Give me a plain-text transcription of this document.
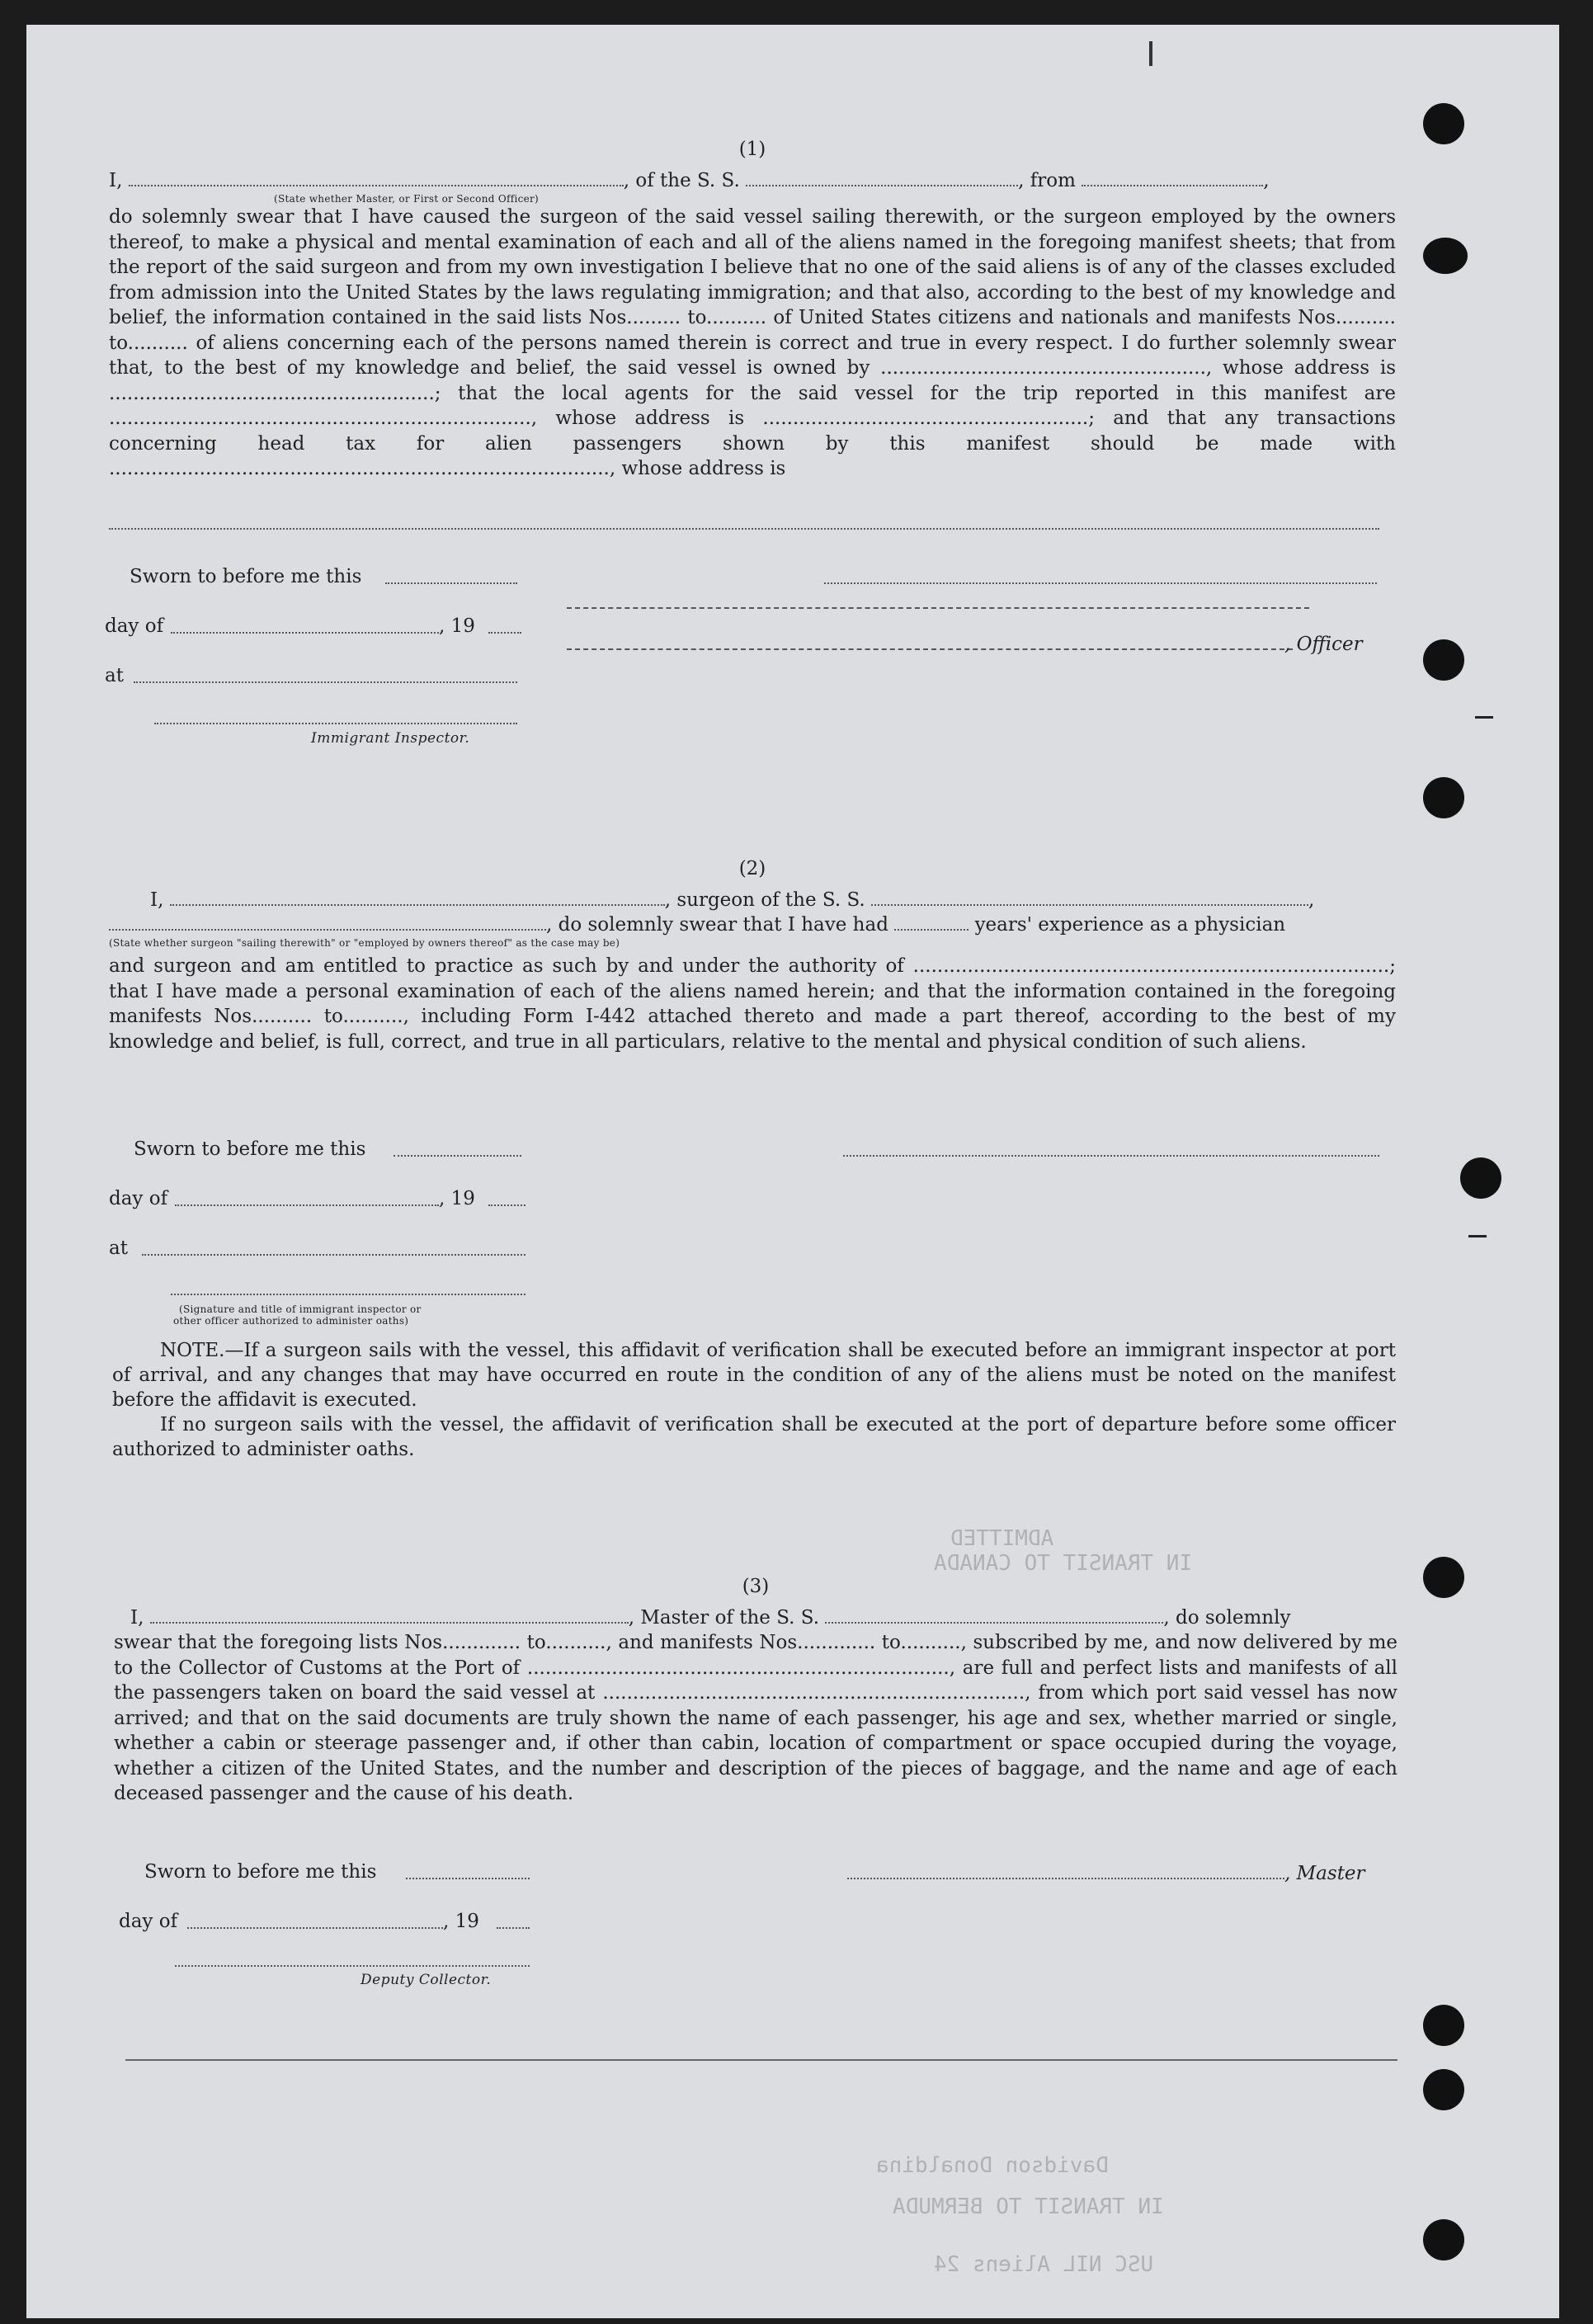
Davidson Donaldina
IN TRANSIT TO BERMUDA
USC NIL Aliens 24
IN TRANSIT TO CANADA
ADMITTED
(1)
I,	, of the S. S.	, from	,
(State whether Master, or First or Second Officer)
do solemnly swear that I have caused the surgeon of the said vessel sailing therewith, or the surgeon employed by the owners thereof, to make a physical and mental examination of each and all of the aliens named in the foregoing manifest sheets; that from the report of the said surgeon and from my own investigation I believe that no one of the said aliens is of any of the classes excluded from admission into the United States by the laws regulating immigration; and that also, according to the best of my knowledge and belief, the information contained in the said lists Nos......... to.......... of United States citizens and nationals and manifests Nos.......... to.......... of aliens concerning each of the persons named therein is correct and true in every respect. I do further solemnly swear that, to the best of my knowledge and belief, the said vessel is owned by ......................................................, whose address is ......................................................; that the local agents for the said vessel for the trip reported in this manifest are ......................................................................, whose address is ......................................................; and that any transactions concerning head tax for alien passengers shown by this manifest should be made with ..................................................................................., whose address is
Sworn to before me this
day of	, 19
, Officer
at
Immigrant Inspector.
(2)
I,	, surgeon of the S. S.	,
, do solemnly swear that I have had	years' experience as a physician
(State whether surgeon "sailing therewith" or "employed by owners thereof" as the case may be)
and surgeon and am entitled to practice as such by and under the authority of ...............................................................................; that I have made a personal examination of each of the aliens named herein; and that the information contained in the foregoing manifests Nos.......... to.........., including Form I-442 attached thereto and made a part thereof, according to the best of my knowledge and belief, is full, correct, and true in all particulars, relative to the mental and physical condition of such aliens.
Sworn to before me this
day of	, 19
at
(Signature and title of immigrant inspector or
other officer authorized to administer oaths)
NOTE.—If a surgeon sails with the vessel, this affidavit of verification shall be executed before an immigrant inspector at port of arrival, and any changes that may have occurred en route in the condition of any of the aliens must be noted on the manifest before the affidavit is executed.
If no surgeon sails with the vessel, the affidavit of verification shall be executed at the port of departure before some officer authorized to administer oaths.
(3)
I,	, Master of the S. S.	, do solemnly
swear that the foregoing lists Nos............. to.........., and manifests Nos............. to.........., subscribed by me, and now delivered by me to the Collector of Customs at the Port of ......................................................................, are full and perfect lists and manifests of all the passengers taken on board the said vessel at ......................................................................, from which port said vessel has now arrived; and that on the said documents are truly shown the name of each passenger, his age and sex, whether married or single, whether a cabin or steerage passenger and, if other than cabin, location of compartment or space occupied during the voyage, whether a citizen of the United States, and the number and description of the pieces of baggage, and the name and age of each deceased passenger and the cause of his death.
Sworn to before me this	, Master
day of	, 19
Deputy Collector.
